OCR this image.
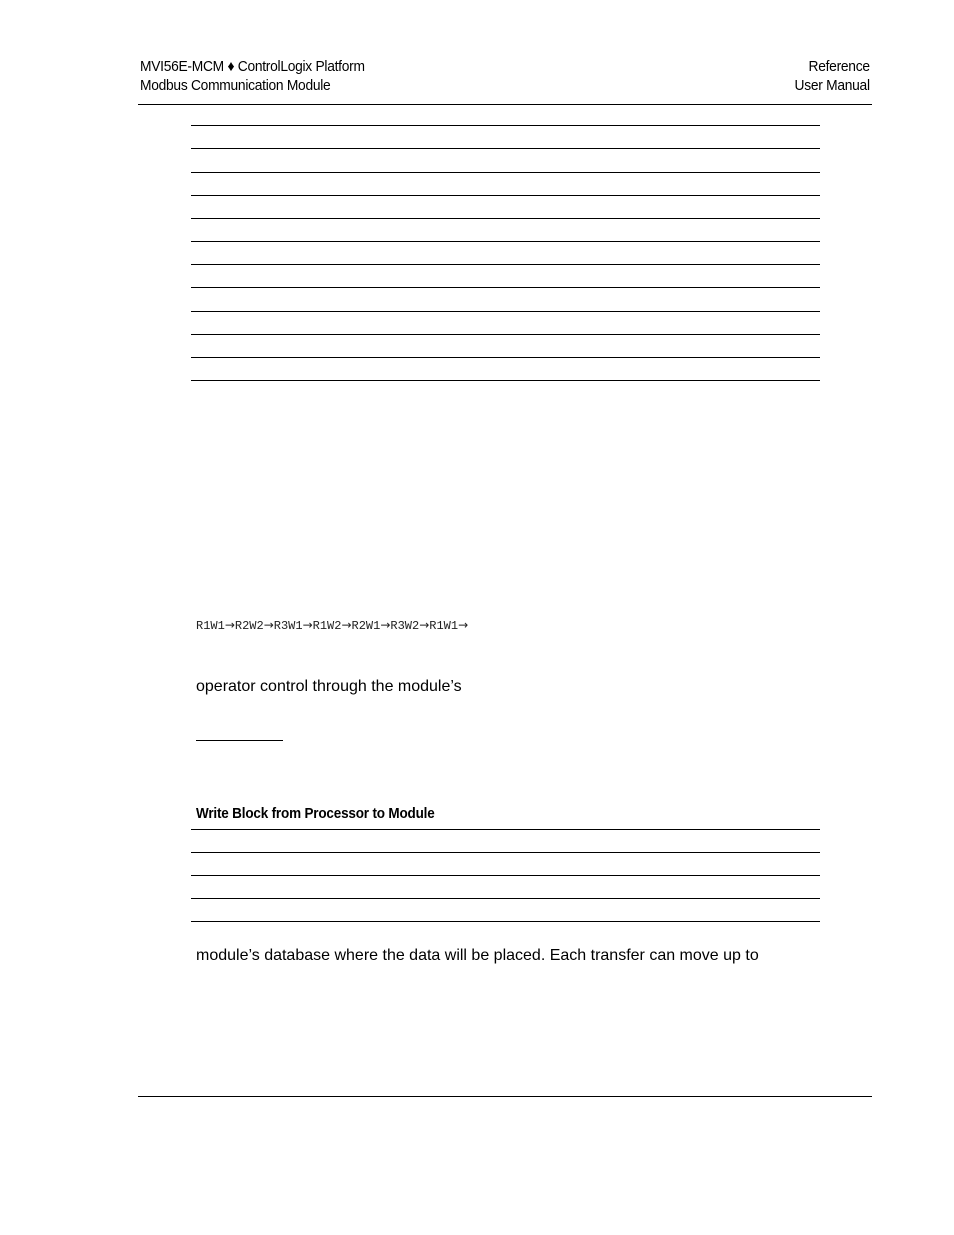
MVI56E-MCM ♦ ControlLogix Platform
Modbus Communication Module
Reference
User Manual
R1W1→R2W2→R3W1→R1W2→R2W1→R3W2→R1W1→
operator control through the module’s
Write Block from Processor to Module
module’s database where the data will be placed. Each transfer can move up to
